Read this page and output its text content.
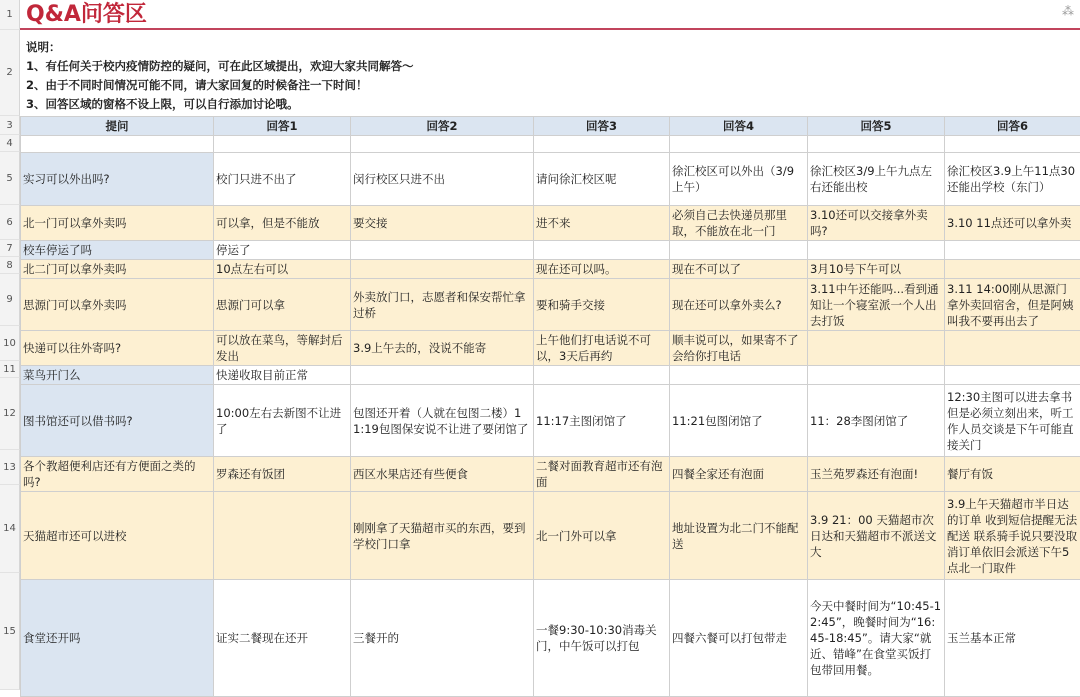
1
2
3
4
5
6
7
8
9
10
11
12
13
14
15
Q&A问答区	⁂
说明：
1、有任何关于校内疫情防控的疑问，可在此区域提出，欢迎大家共同解答～
2、由于不同时间情况可能不同，请大家回复的时候备注一下时间！
3、回答区域的窗格不设上限，可以自行添加讨论哦。
提问	回答1	回答2	回答3	回答4	回答5	回答6

实习可以外出吗?	校门只进不出了	闵行校区只进不出	请问徐汇校区呢	徐汇校区可以外出（3/9上午）	徐汇校区3/9上午九点左右还能出校	徐汇校区3.9上午11点30还能出学校（东门）
北一门可以拿外卖吗	可以拿，但是不能放	要交接	进不来	必须自己去快递员那里取，不能放在北一门	3.10还可以交接拿外卖吗?	3.10 11点还可以拿外卖
校车停运了吗	停运了					
北二门可以拿外卖吗	10点左右可以		现在还可以吗。	现在不可以了	3月10号下午可以	
思源门可以拿外卖吗	思源门可以拿	外卖放门口，志愿者和保安帮忙拿过桥	要和骑手交接	现在还可以拿外卖么?	3.11中午还能吗...看到通知让一个寝室派一个人出去打饭	3.11 14:00刚从思源门拿外卖回宿舍，但是阿姨叫我不要再出去了
快递可以往外寄吗?	可以放在菜鸟，等解封后发出	3.9上午去的，没说不能寄	上午他们打电话说不可以，3天后再约	顺丰说可以，如果寄不了会给你打电话		
菜鸟开门么	快递收取目前正常					
图书馆还可以借书吗?	10:00左右去新图不让进了	包图还开着（人就在包图二楼）11:19包图保安说不让进了要闭馆了	11:17主图闭馆了	11:21包图闭馆了	11：28李图闭馆了	12:30主图可以进去拿书但是必须立刻出来，听工作人员交谈是下午可能直接关门
各个教超便利店还有方便面之类的吗?	罗森还有饭团	西区水果店还有些便食	二餐对面教育超市还有泡面	四餐全家还有泡面	玉兰苑罗森还有泡面!	餐厅有饭
天猫超市还可以进校		刚刚拿了天猫超市买的东西，要到学校门口拿	北一门外可以拿	地址设置为北二门不能配送	3.9 21：00 天猫超市次日达和天猫超市不派送文大	3.9上午天猫超市半日达的订单 收到短信提醒无法配送 联系骑手说只要没取消订单依旧会派送下午5点北一门取件
食堂还开吗	证实二餐现在还开	三餐开的	一餐9:30-10:30消毒关门，中午饭可以打包	四餐六餐可以打包带走	今天中餐时间为“10:45-12:45”，晚餐时间为“16:45-18:45”。请大家“就近、错峰”在食堂买饭打包带回用餐。	玉兰基本正常
